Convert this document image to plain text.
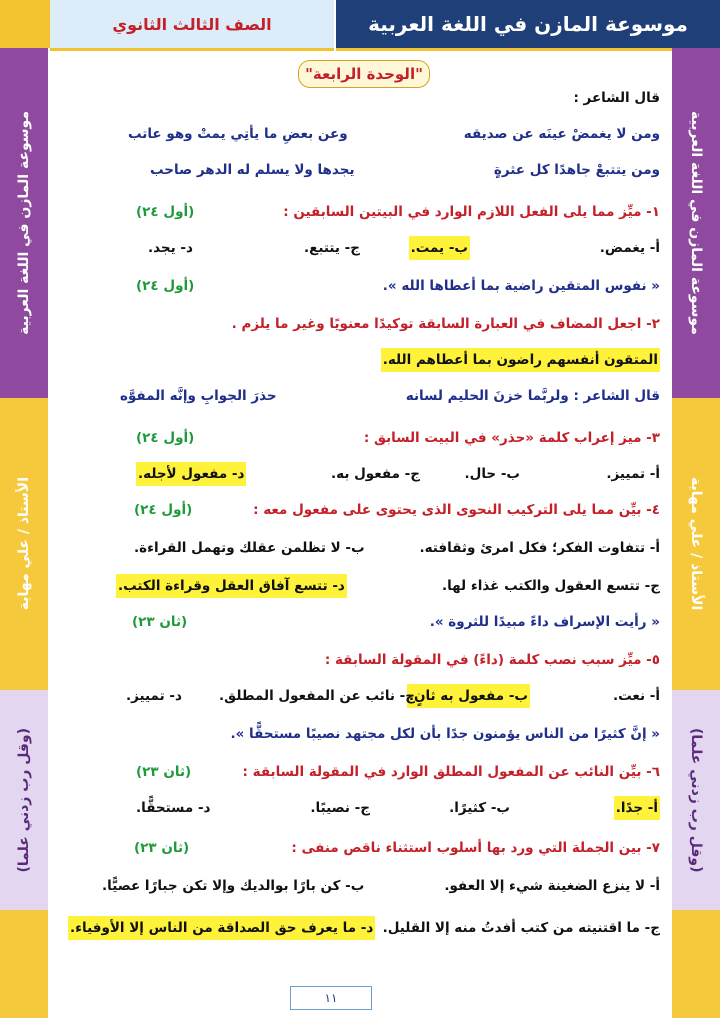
موسوعة المازن في اللغة العربية
الصف الثالث الثانوي
موسوعة المازن في اللغة العربية
الأستاذ / علي مهاية
(وقل رب زدني علما)
موسوعة المازن في اللغة العربية
الأستاذ / علي مهاية
(وقل رب زدني علما)
"الوحدة الرابعة"
قال الشاعر :
ومن لا يغمضْ عينَه عن صديقه
وعن بعضِ ما يأتِي يمتْ وهو عاتب
ومن يتتبعْ جاهدًا كل عثرةٍ
يجدها ولا يسلم له الدهر صاحب
١- ميِّز مما يلى الفعل اللازم الوارد في البيتين السابقين :
(أول ٢٤)
أ- يغمض.
ب- يمت.
ج- يتتبع.
د- يجد.
« نفوس المتقين راضية بما أعطاها الله ».
(أول ٢٤)
٢- اجعل المضاف في العبارة السابقة توكيدًا معنويًا وغير ما يلزم .
المتقون أنفسهم راضون بما أعطاهم الله.
قال الشاعر : ولربَّما خزنَ الحليم لسانه
حذرَ الجوابِ وإنَّه المفوَّه
٣- ميز إعراب كلمة «حذر» في البيت السابق :
(أول ٢٤)
أ- تمييز.
ب- حال.
ج- مفعول به.
د- مفعول لأجله.
٤- بيِّن مما يلى التركيب النحوى الذى يحتوى على مفعول معه :
(أول ٢٤)
أ- تتفاوت الفكر؛ فكل امرئ وثقافته.
ب- لا تظلمن عقلك وتهمل القراءة.
ج- تتسع العقول والكتب غذاء لها.
د- تتسع آفاق العقل وقراءة الكتب.
« رأيت الإسراف داءً مبيدًا للثروة ».
(ثان ٢٣)
٥- ميِّز سبب نصب كلمة (داءً) في المقولة السابقة :
أ- نعت.
ب- مفعول به ثانٍ.
ج- نائب عن المفعول المطلق.
د- تمييز.
« إنَّ كثيرًا من الناس يؤمنون جدًا بأن لكل مجتهد نصيبًا مستحقًّا ».
٦- بيِّن النائب عن المفعول المطلق الوارد في المقولة السابقة :
(ثان ٢٣)
أ- جدًا.
ب- كثيرًا.
ج- نصيبًا.
د- مستحقًّا.
٧- بين الجملة التي ورد بها أسلوب استثناء ناقص منفى :
(ثان ٢٣)
أ- لا ينزع الضغينة شيء إلا العفو.
ب- كن بارًا بوالديك وإلا تكن جبارًا عصيًّا.
ج- ما اقتنيته من كتب أفدتُ منه إلا القليل.
د- ما يعرف حق الصداقة من الناس إلا الأوفياء.
١١
